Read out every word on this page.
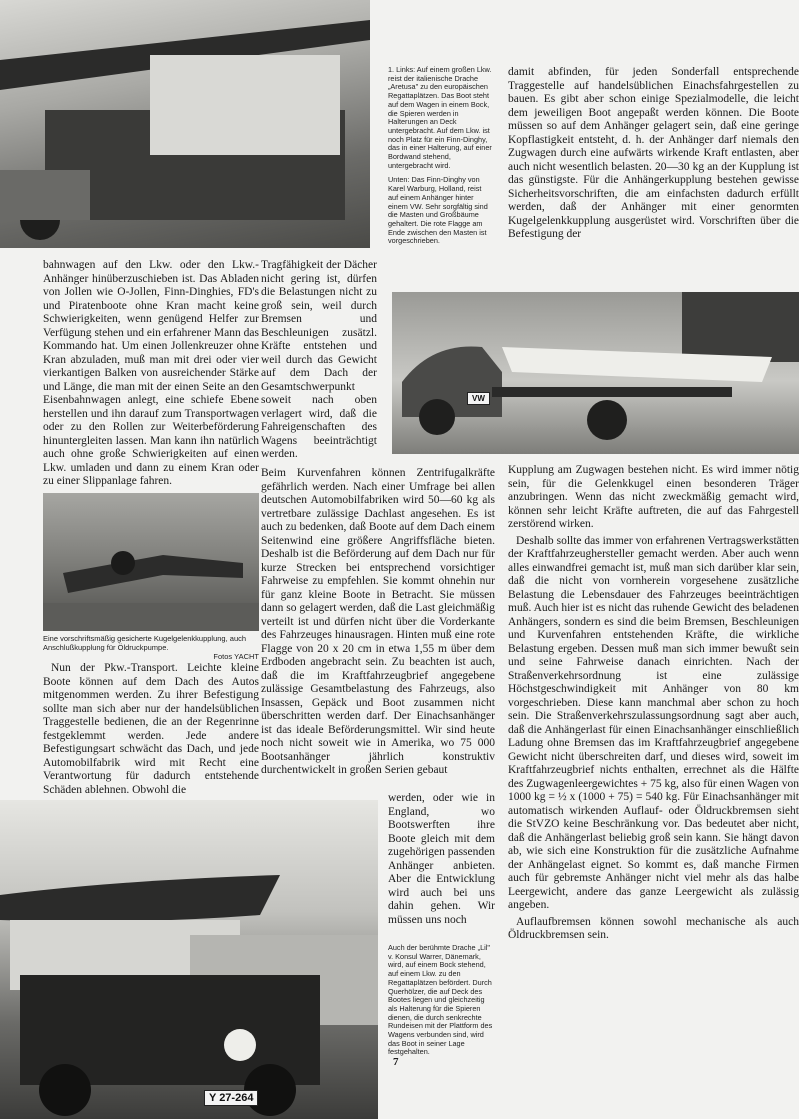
VW
Y 27-264

1. Links: Auf einem großen Lkw. reist der italienische Drache „Aretusa" zu den europäischen Regattaplätzen. Das Boot steht auf dem Wagen in einem Bock, die Spieren werden in Halterungen an Deck untergebracht. Auf dem Lkw. ist noch Platz für ein Finn-Dinghy, das in einer Halterung, auf einer Bordwand stehend, untergebracht wird.

Unten: Das Finn-Dinghy von Karel Warburg, Holland, reist auf einem Anhänger hinter einem VW. Sehr sorgfältig sind die Masten und Großbäume gehaltert. Die rote Flagge am Ende zwischen den Masten ist vorgeschrieben.

damit abfinden, für jeden Sonderfall entsprechende Traggestelle auf handelsüblichen Einachsfahrgestellen zu bauen. Es gibt aber schon einige Spezialmodelle, die leicht dem jeweiligen Boot angepaßt werden können. Die Boote müssen so auf dem Anhänger gelagert sein, daß eine geringe Kopflastigkeit entsteht, d. h. der Anhänger darf niemals den Zugwagen durch eine aufwärts wirkende Kraft entlasten, aber auch nicht wesentlich belasten. 20—30 kg an der Kupplung ist das günstigste. Für die Anhängerkupplung bestehen gewisse Sicherheitsvorschriften, die am einfachsten dadurch erfüllt werden, daß der Anhänger mit einer genormten Kugelgelenkkupplung ausgerüstet wird. Vorschriften über die Befestigung der

bahnwagen auf den Lkw. oder den Lkw.-Anhänger hinüberzuschieben ist. Das Abladen von Jollen wie O-Jollen, Finn-Dinghies, FD's und Piratenboote ohne Kran macht keine Schwierigkeiten, wenn genügend Helfer zur Verfügung stehen und ein erfahrener Mann das Kommando hat. Um einen Jollenkreuzer ohne Kran abzuladen, muß man mit drei oder vier vierkantigen Balken von ausreichender Stärke und Länge, die man mit der einen Seite an den Eisenbahnwagen anlegt, eine schiefe Ebene herstellen und ihn darauf zum Transportwagen oder zu den Rollen zur Weiterbeförderung hinuntergleiten lassen. Man kann ihn natürlich auch ohne große Schwierigkeiten auf einen Lkw. umladen und dann zu einem Kran oder zu einer Slippanlage fahren.

Tragfähigkeit der Dächer nicht gering ist, dürfen die Belastungen nicht zu groß sein, weil durch Bremsen und Beschleunigen zusätzl. Kräfte entstehen und weil durch das Gewicht auf dem Dach der Gesamtschwerpunkt soweit nach oben verlagert wird, daß die Fahreigenschaften des Wagens beeinträchtigt werden.

Beim Kurvenfahren können Zentrifugalkräfte gefährlich werden. Nach einer Umfrage bei allen deutschen Automobilfabriken wird 50—60 kg als vertretbare zulässige Dachlast angesehen. Es ist auch zu bedenken, daß Boote auf dem Dach einem Seitenwind eine größere Angriffsfläche bieten. Deshalb ist die Beförderung auf dem Dach nur für kurze Strecken bei entsprechend vorsichtiger Fahrweise zu empfehlen. Sie kommt ohnehin nur für ganz kleine Boote in Betracht. Sie müssen dann so gelagert werden, daß die Last gleichmäßig verteilt ist und dürfen nicht über die Vorderkante des Fahrzeuges hinausragen. Hinten muß eine rote Flagge von 20 x 20 cm in etwa 1,55 m über dem Erdboden angebracht sein. Zu beachten ist auch, daß die im Kraftfahrzeugbrief angegebene zulässige Gesamtbelastung des Fahrzeugs, also Insassen, Gepäck und Boot zusammen nicht überschritten werden darf. Der Einachsanhänger ist das ideale Beförderungsmittel. Wir sind heute noch nicht soweit wie in Amerika, wo 75 000 Bootsanhänger jährlich konstruktiv durchentwickelt in großen Serien gebaut

werden, oder wie in England, wo Bootswerften ihre Boote gleich mit dem zugehörigen passenden Anhänger anbieten. Aber die Entwicklung wird auch bei uns dahin gehen. Wir müssen uns noch

Auch der berühmte Drache „Lil" v. Konsul Warrer, Dänemark, wird, auf einem Bock stehend, auf einem Lkw. zu den Regattaplätzen befördert. Durch Querhölzer, die auf Deck des Bootes liegen und gleichzeitig als Halterung für die Spieren dienen, die durch senkrechte Rundeisen mit der Plattform des Wagens verbunden sind, wird das Boot in seiner Lage festgehalten.

Eine vorschriftsmäßig gesicherte Kugelgelenkkupplung, auch Anschlußkupplung für Öldruckpumpe.
Fotos YACHT

Nun der Pkw.-Transport. Leichte kleine Boote können auf dem Dach des Autos mitgenommen werden. Zu ihrer Befestigung sollte man sich aber nur der handelsüblichen Traggestelle bedienen, die an der Regenrinne festgeklemmt werden. Jede andere Befestigungsart schwächt das Dach, und jede Automobilfabrik wird mit Recht eine Verantwortung für dadurch entstehende Schäden ablehnen. Obwohl die

Kupplung am Zugwagen bestehen nicht. Es wird immer nötig sein, für die Gelenkkugel einen besonderen Träger anzubringen. Wenn das nicht zweckmäßig gemacht wird, können sehr leicht Kräfte auftreten, die auf das Fahrgestell zerstörend wirken.

Deshalb sollte das immer von erfahrenen Vertragswerkstätten der Kraftfahrzeughersteller gemacht werden. Aber auch wenn alles einwandfrei gemacht ist, muß man sich darüber klar sein, daß die nicht von vornherein vorgesehene zusätzliche Belastung die Lebensdauer des Fahrzeuges beeinträchtigen muß. Auch hier ist es nicht das ruhende Gewicht des beladenen Anhängers, sondern es sind die beim Bremsen, Beschleunigen und Kurvenfahren entstehenden Kräfte, die wirkliche Belastung ergeben. Dessen muß man sich immer bewußt sein und seine Fahrweise danach einrichten. Nach der Straßenverkehrsordnung ist eine zulässige Höchstgeschwindigkeit mit Anhänger von 80 km vorgeschrieben. Diese kann manchmal aber schon zu hoch sein. Die Straßenverkehrszulassungsordnung sagt aber auch, daß die Anhängerlast für einen Einachsanhänger einschließlich Ladung ohne Bremsen das im Kraftfahrzeugbrief angegebene Gewicht nicht überschreiten darf, und dieses wird, soweit im Kraftfahrzeugbrief nichts enthalten, errechnet als die Hälfte des Zugwagenleergewichtes + 75 kg, also für einen Wagen von 1000 kg = ½ x (1000 + 75) = 540 kg. Für Einachsanhänger mit automatisch wirkenden Auflauf- oder Öldruckbremsen sieht die StVZO keine Beschränkung vor. Das bedeutet aber nicht, daß die Anhängerlast beliebig groß sein kann. Sie hängt davon ab, wie sich eine Konstruktion für die zusätzliche Aufnahme der Anhängelast eignet. So kommt es, daß manche Firmen auch für gebremste Anhänger nicht viel mehr als das halbe Leergewicht, andere das ganze Leergewicht als zulässig angeben.

Auflaufbremsen können sowohl mechanische als auch Öldruckbremsen sein.

7
